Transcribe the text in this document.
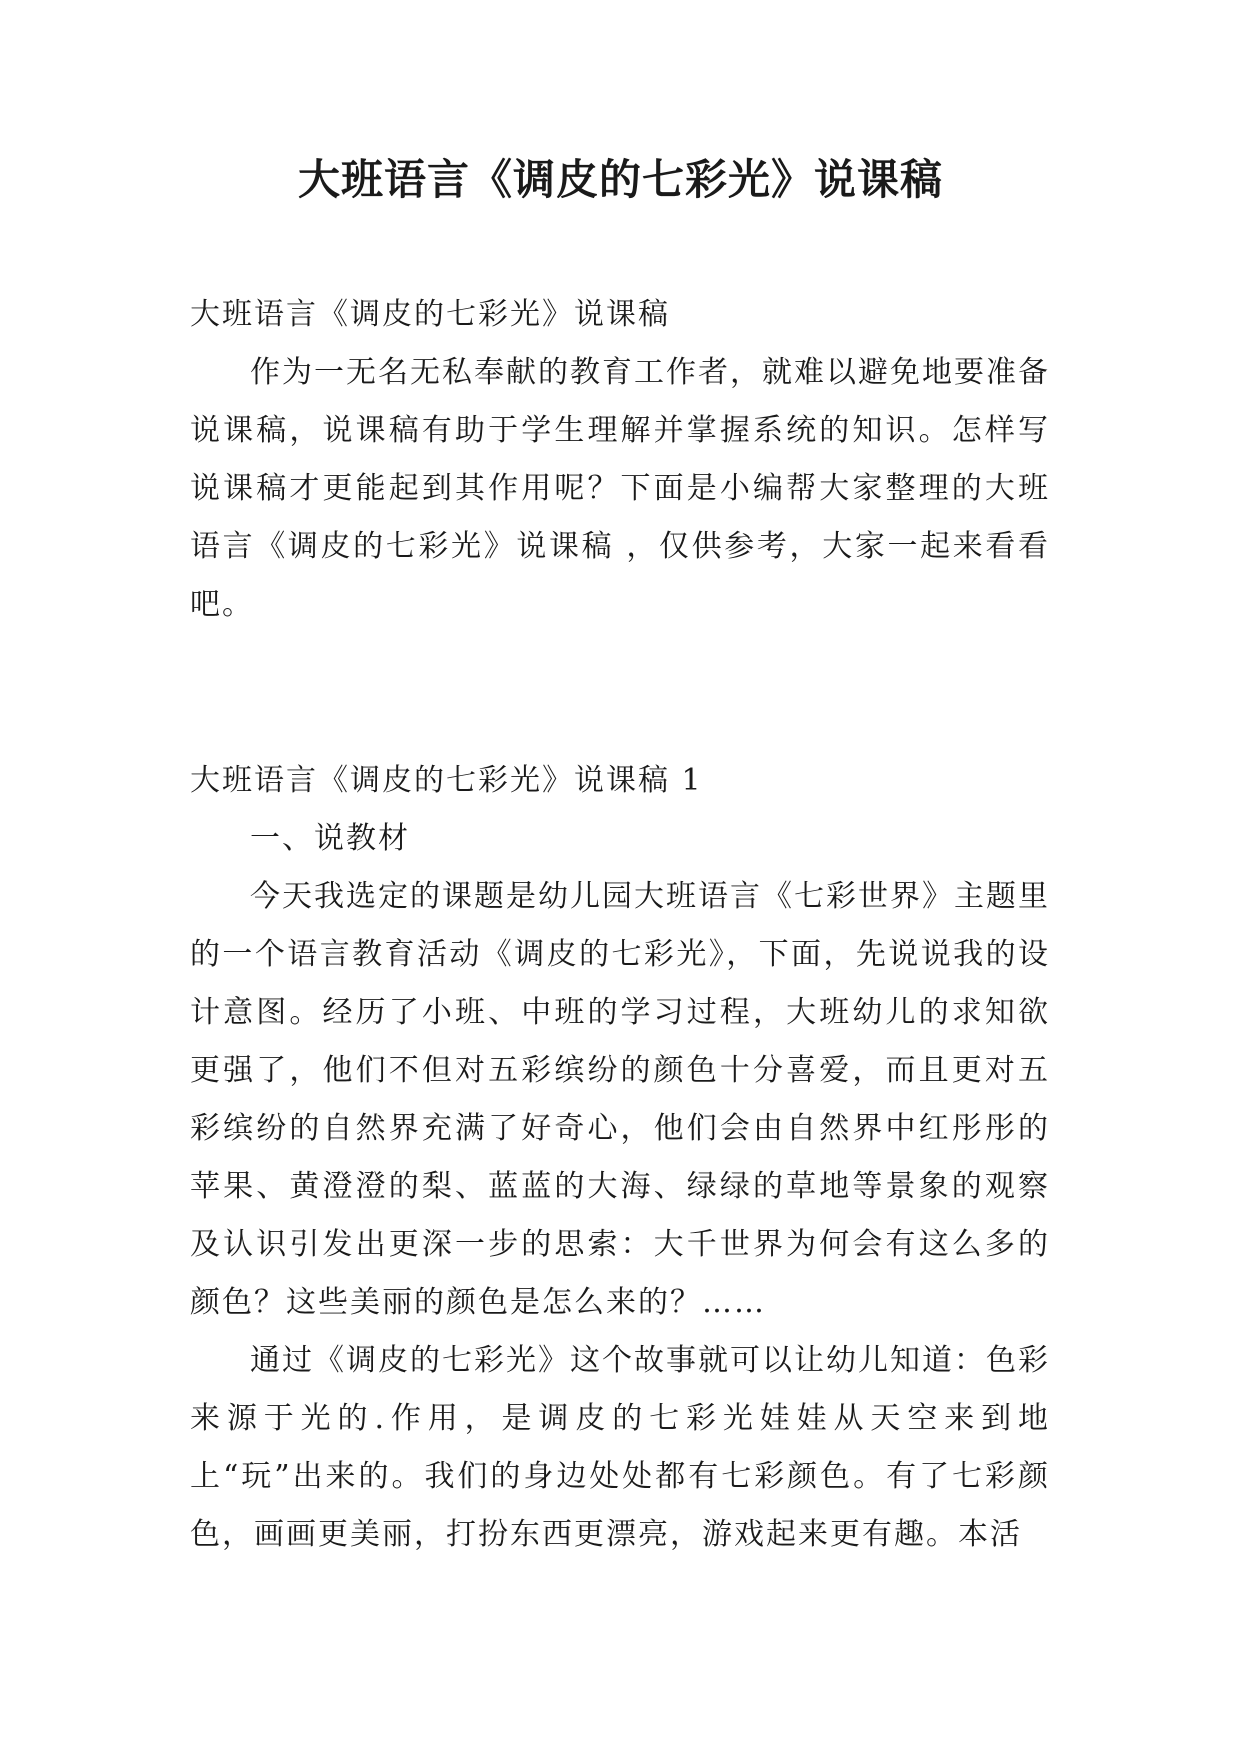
大班语言《调皮的七彩光》说课稿

大班语言《调皮的七彩光》说课稿

作为一无名无私奉献的教育工作者，就难以避免地要准备说课稿，说课稿有助于学生理解并掌握系统的知识。怎样写说课稿才更能起到其作用呢？下面是小编帮大家整理的大班语言《调皮的七彩光》说课稿 ，仅供参考，大家一起来看看吧。

大班语言《调皮的七彩光》说课稿 1

一、说教材

今天我选定的课题是幼儿园大班语言《七彩世界》主题里的一个语言教育活动《调皮的七彩光》，下面，先说说我的设计意图。经历了小班、中班的学习过程，大班幼儿的求知欲更强了，他们不但对五彩缤纷的颜色十分喜爱，而且更对五彩缤纷的自然界充满了好奇心，他们会由自然界中红彤彤的苹果、黄澄澄的梨、蓝蓝的大海、绿绿的草地等景象的观察及认识引发出更深一步的思索：大千世界为何会有这么多的颜色？这些美丽的颜色是怎么来的？……

通过《调皮的七彩光》这个故事就可以让幼儿知道：色彩来源于光的.作用，是调皮的七彩光娃娃从天空来到地上“玩”出来的。我们的身边处处都有七彩颜色。有了七彩颜色，画画更美丽，打扮东西更漂亮，游戏起来更有趣。本活
